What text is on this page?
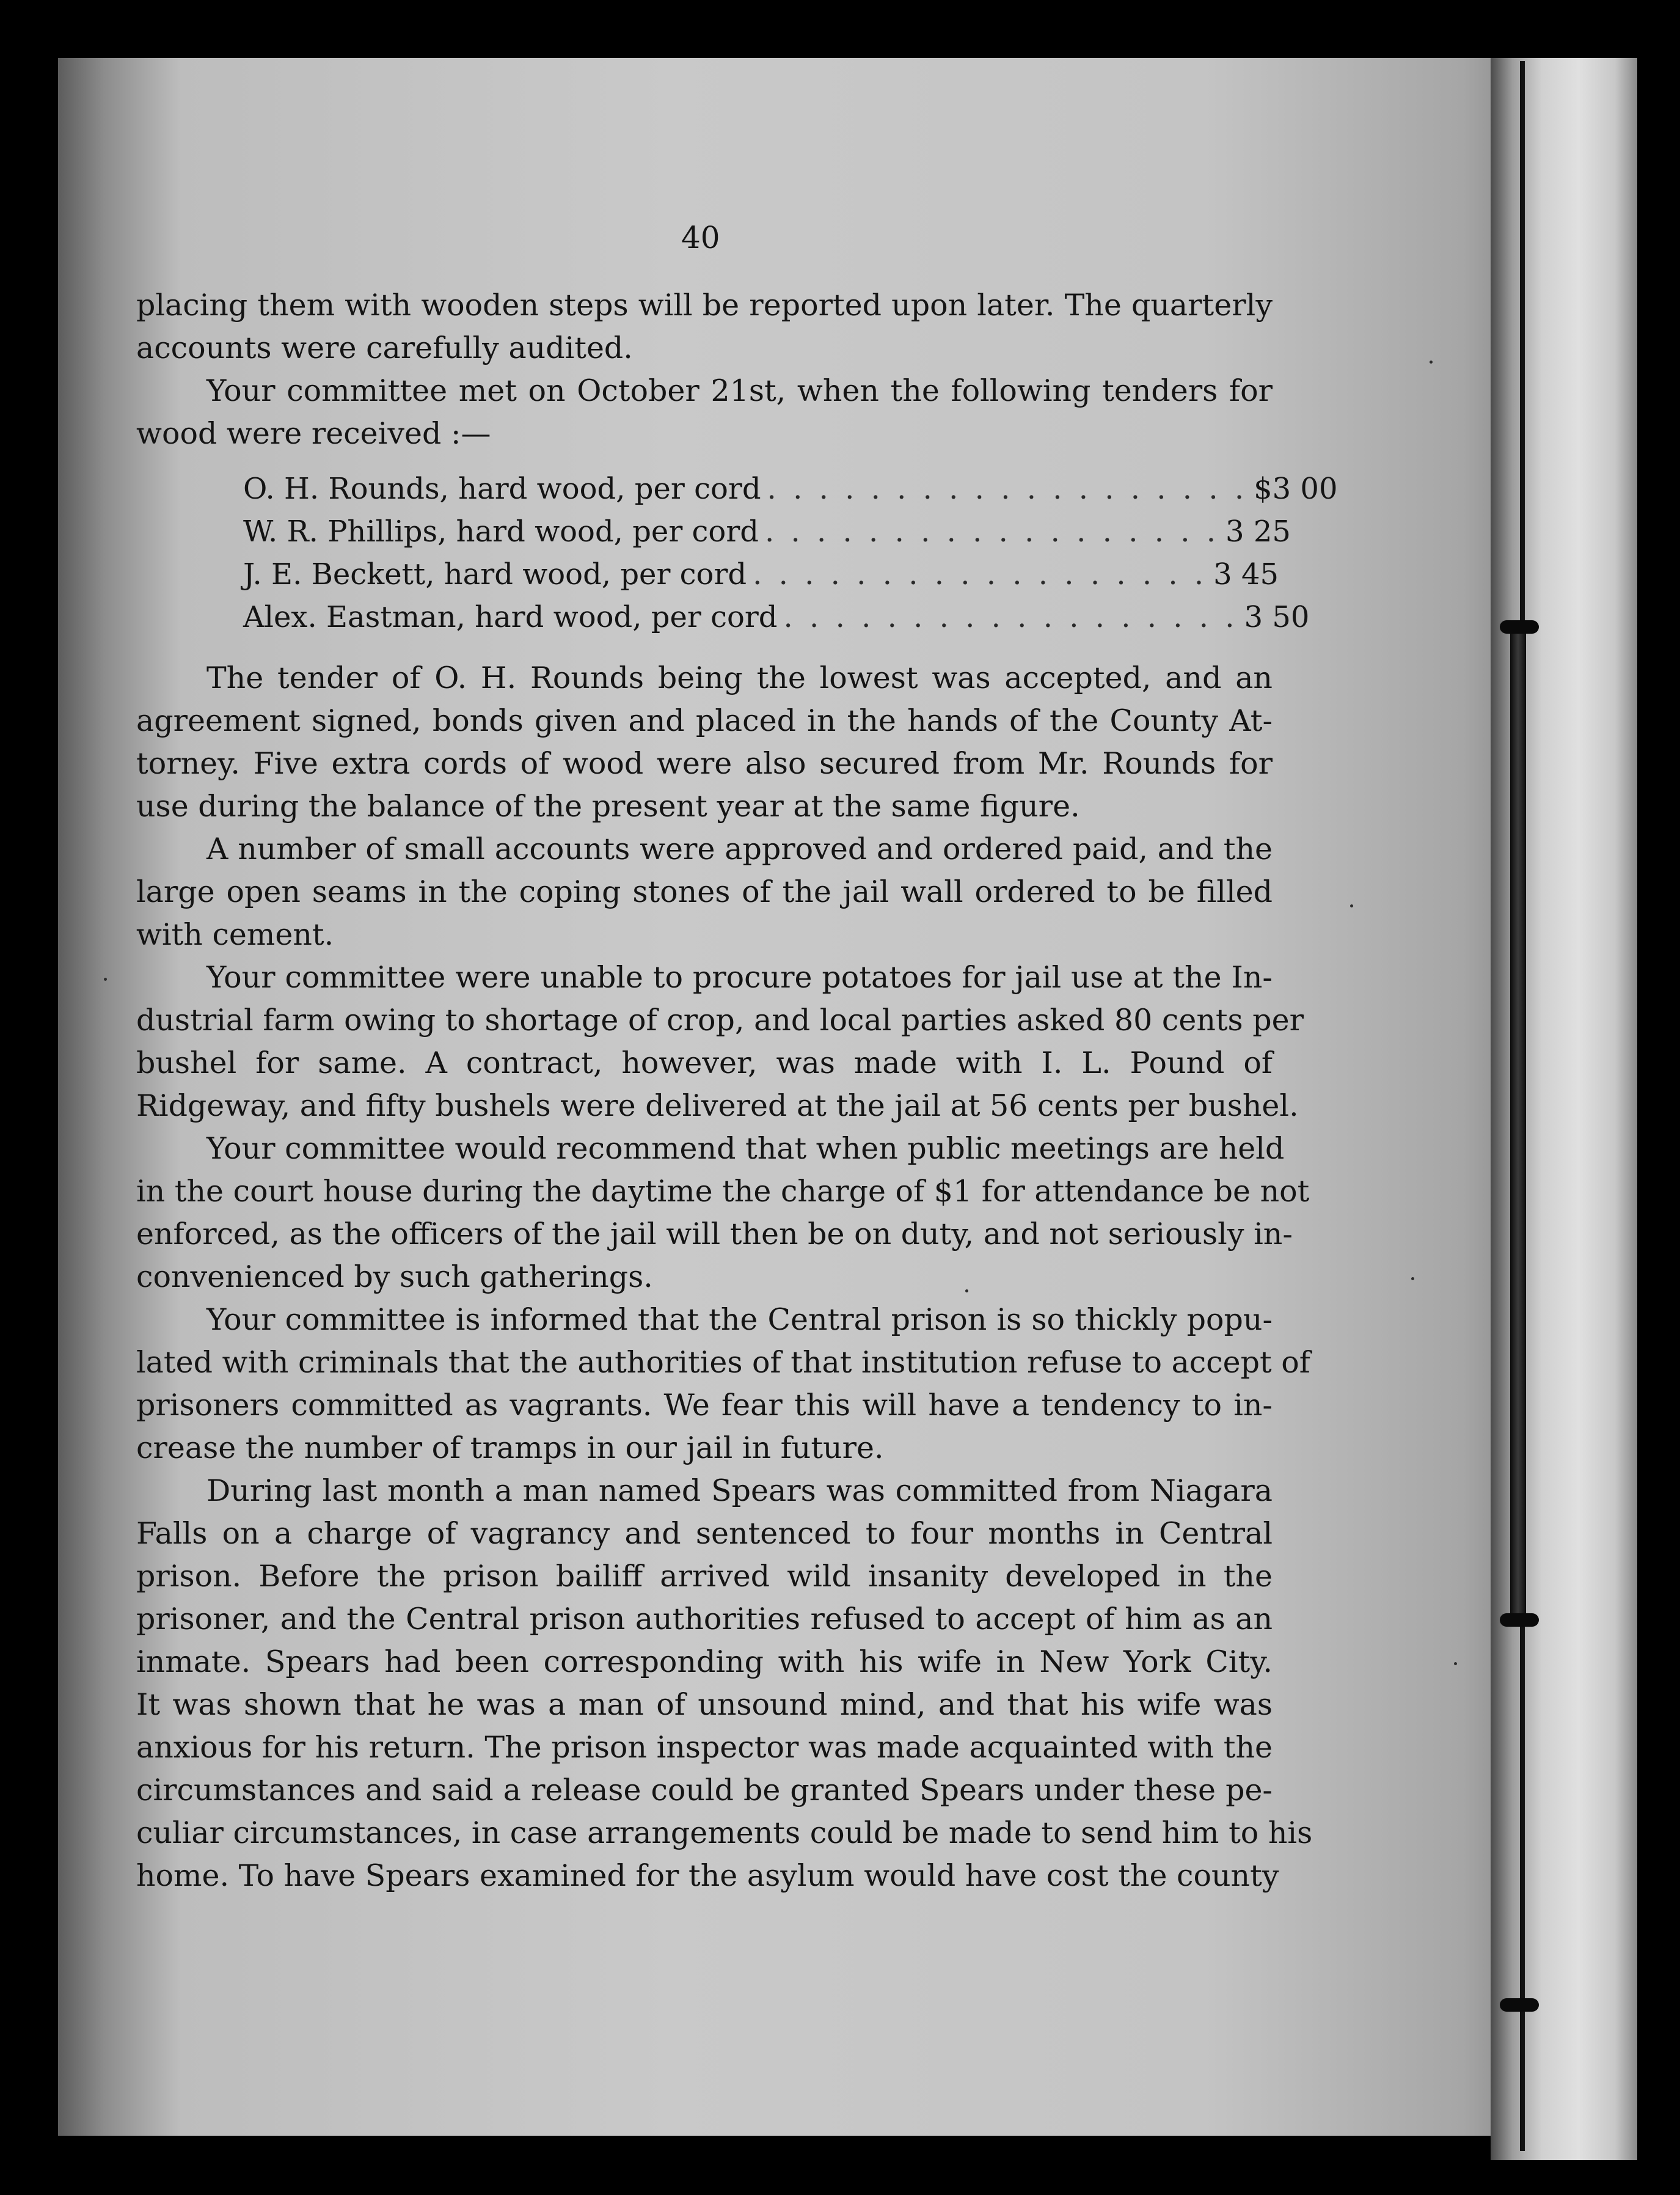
40
placing them with wooden steps will be reported upon later. The quarterly
accounts were carefully audited.
Your committee met on October 21st, when the following tenders for
wood were received :—
O. H. Rounds, hard wood, per cord . . . . . . . . . . . . . . . . . . . $3 00
W. R. Phillips, hard wood, per cord . . . . . . . . . . . . . . . . . . 3 25
J. E. Beckett, hard wood, per cord . . . . . . . . . . . . . . . . . . 3 45
Alex. Eastman, hard wood, per cord . . . . . . . . . . . . . . . . . . 3 50
The tender of O. H. Rounds being the lowest was accepted, and an
agreement signed, bonds given and placed in the hands of the County At-
torney. Five extra cords of wood were also secured from Mr. Rounds for
use during the balance of the present year at the same figure.
A number of small accounts were approved and ordered paid, and the
large open seams in the coping stones of the jail wall ordered to be filled
with cement.
Your committee were unable to procure potatoes for jail use at the In-
dustrial farm owing to shortage of crop, and local parties asked 80 cents per
bushel for same. A contract, however, was made with I. L. Pound of
Ridgeway, and fifty bushels were delivered at the jail at 56 cents per bushel.
Your committee would recommend that when public meetings are held
in the court house during the daytime the charge of $1 for attendance be not
enforced, as the officers of the jail will then be on duty, and not seriously in-
convenienced by such gatherings.
Your committee is informed that the Central prison is so thickly popu-
lated with criminals that the authorities of that institution refuse to accept of
prisoners committed as vagrants. We fear this will have a tendency to in-
crease the number of tramps in our jail in future.
During last month a man named Spears was committed from Niagara
Falls on a charge of vagrancy and sentenced to four months in Central
prison. Before the prison bailiff arrived wild insanity developed in the
prisoner, and the Central prison authorities refused to accept of him as an
inmate. Spears had been corresponding with his wife in New York City.
It was shown that he was a man of unsound mind, and that his wife was
anxious for his return. The prison inspector was made acquainted with the
circumstances and said a release could be granted Spears under these pe-
culiar circumstances, in case arrangements could be made to send him to his
home. To have Spears examined for the asylum would have cost the county
